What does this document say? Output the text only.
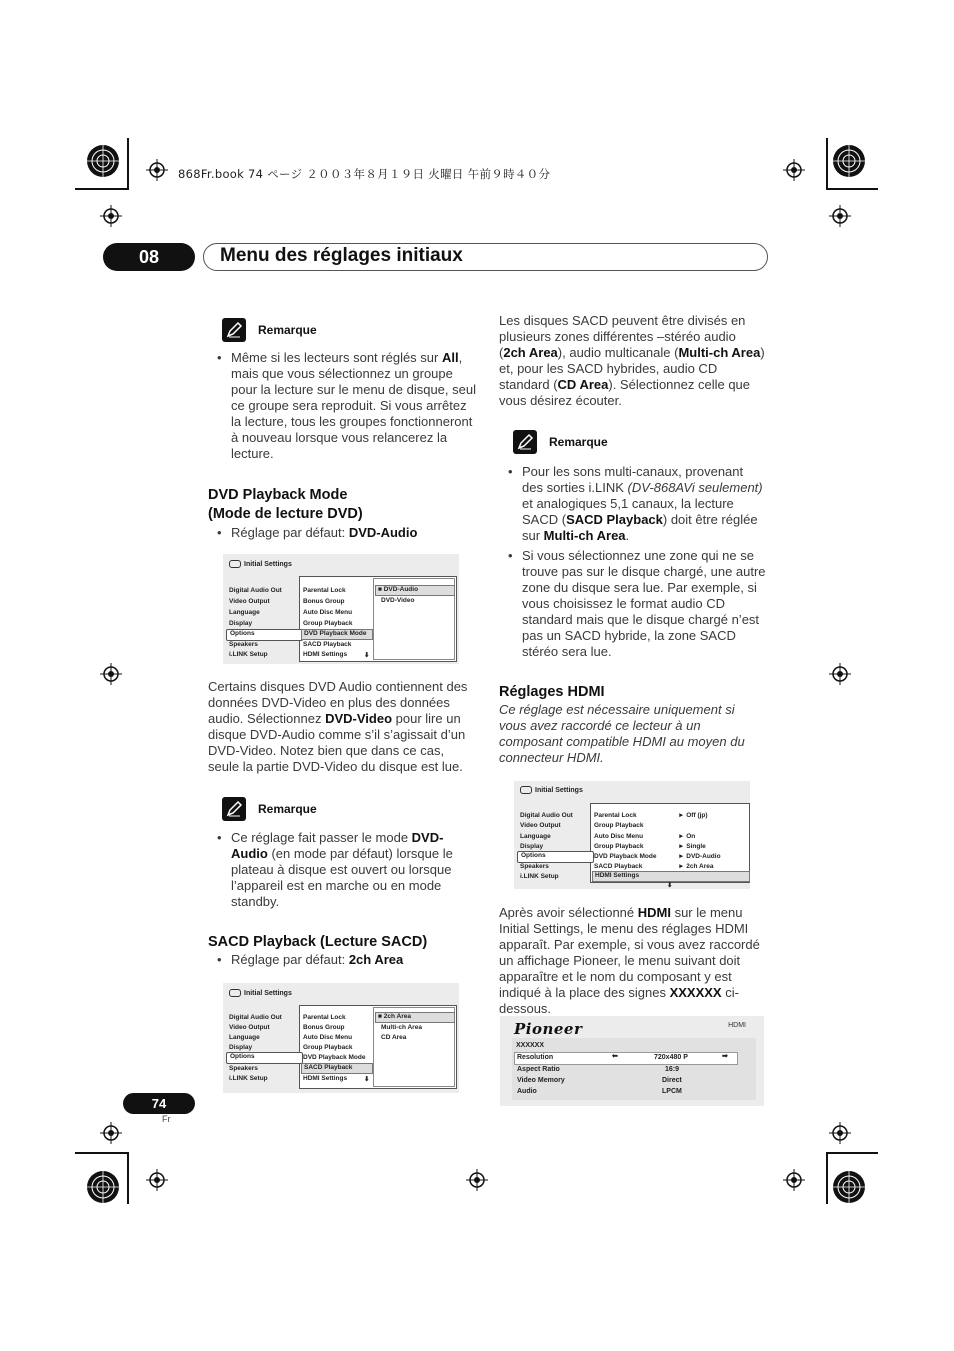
868Fr.book 74 ページ ２００３年８月１９日 火曜日 午前９時４０分
08	Menu des réglages initiaux
Remarque
• Même si les lecteurs sont réglés sur All, mais que vous sélectionnez un groupe pour la lecture sur le menu de disque, seul ce groupe sera reproduit. Si vous arrêtez la lecture, tous les groupes fonctionneront à nouveau lorsque vous relancerez la lecture.
DVD Playback Mode
(Mode de lecture DVD)
• Réglage par défaut: DVD-Audio
Initial Settings
Digital Audio Out
Video Output
Language
Display
Options
Speakers
i.LINK Setup
Parental Lock
Bonus Group
Auto Disc Menu
Group Playback
DVD Playback Mode
SACD Playback
HDMI Settings	⬇
■ DVD-Audio
DVD-Video
Certains disques DVD Audio contiennent des données DVD-Video en plus des données audio. Sélectionnez DVD-Video pour lire un disque DVD-Audio comme s’il s’agissait d’un DVD-Video. Notez bien que dans ce cas, seule la partie DVD-Video du disque est lue.
Remarque
• Ce réglage fait passer le mode DVD-Audio (en mode par défaut) lorsque le plateau à disque est ouvert ou lorsque l’appareil est en marche ou en mode standby.
SACD Playback (Lecture SACD)
• Réglage par défaut: 2ch Area
Initial Settings
Digital Audio Out
Video Output
Language
Display
Options
Speakers
i.LINK Setup
Parental Lock
Bonus Group
Auto Disc Menu
Group Playback
DVD Playback Mode
SACD Playback
HDMI Settings	⬇
■ 2ch Area
Multi-ch Area
CD Area
Les disques SACD peuvent être divisés en plusieurs zones différentes –stéréo audio (2ch Area), audio multicanale (Multi-ch Area) et, pour les SACD hybrides, audio CD standard (CD Area). Sélectionnez celle que vous désirez écouter.
Remarque
• Pour les sons multi-canaux, provenant des sorties i.LINK (DV-868AVi seulement) et analogiques 5,1 canaux, la lecture SACD (SACD Playback) doit être réglée sur Multi-ch Area.
• Si vous sélectionnez une zone qui ne se trouve pas sur le disque chargé, une autre zone du disque sera lue. Par exemple, si vous choisissez le format audio CD standard mais que le disque chargé n’est pas un SACD hybride, la zone SACD stéréo sera lue.
Réglages HDMI
Ce réglage est nécessaire uniquement si vous avez raccordé ce lecteur à un composant compatible HDMI au moyen du connecteur HDMI.
Initial Settings
Digital Audio Out
Video Output
Language
Display
Options
Speakers
i.LINK Setup
Parental Lock
Group Playback
Auto Disc Menu
Group Playback
DVD Playback Mode
SACD Playback
HDMI Settings
► Off (jp)
► On
► Single
► DVD-Audio
► 2ch Area
⬇
Après avoir sélectionné HDMI sur le menu Initial Settings, le menu des réglages HDMI apparaît. Par exemple, si vous avez raccordé un affichage Pioneer, le menu suivant doit apparaître et le nom du composant y est indiqué à la place des signes XXXXXX ci-dessous.
Pioneer	HDMI
XXXXXX
Resolution	⬅	720x480 P	➡
Aspect Ratio	16:9
Video Memory	Direct
Audio	LPCM
74
Fr
